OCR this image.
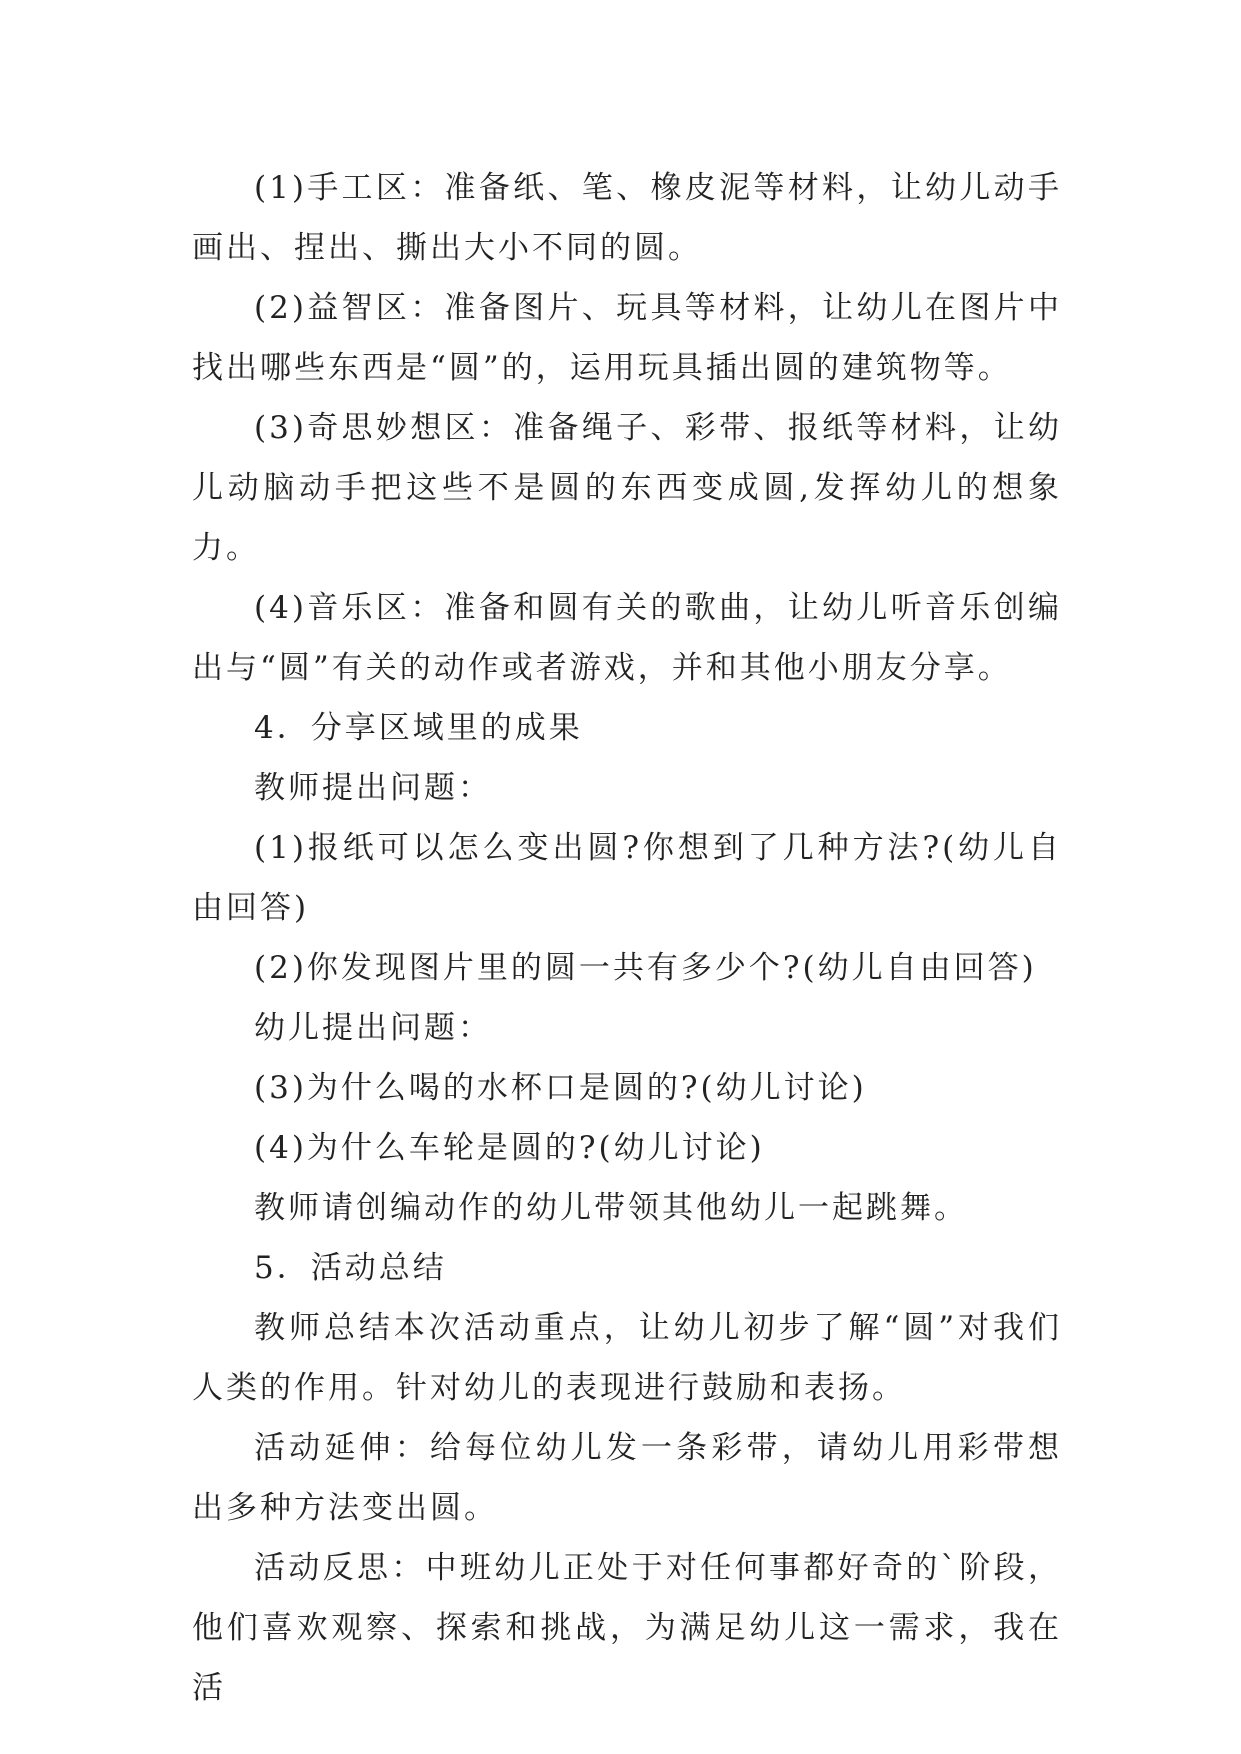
(1)手工区：准备纸、笔、橡皮泥等材料，让幼儿动手画出、捏出、撕出大小不同的圆。

(2)益智区：准备图片、玩具等材料，让幼儿在图片中找出哪些东西是“圆”的，运用玩具插出圆的建筑物等。

(3)奇思妙想区：准备绳子、彩带、报纸等材料，让幼儿动脑动手把这些不是圆的东西变成圆,发挥幼儿的想象力。

(4)音乐区：准备和圆有关的歌曲，让幼儿听音乐创编出与“圆”有关的动作或者游戏，并和其他小朋友分享。

4．分享区域里的成果

教师提出问题：

(1)报纸可以怎么变出圆?你想到了几种方法?(幼儿自由回答)

(2)你发现图片里的圆一共有多少个?(幼儿自由回答)

幼儿提出问题：

(3)为什么喝的水杯口是圆的?(幼儿讨论)

(4)为什么车轮是圆的?(幼儿讨论)

教师请创编动作的幼儿带领其他幼儿一起跳舞。

5．活动总结

教师总结本次活动重点，让幼儿初步了解“圆”对我们人类的作用。针对幼儿的表现进行鼓励和表扬。

活动延伸：给每位幼儿发一条彩带，请幼儿用彩带想出多种方法变出圆。

活动反思：中班幼儿正处于对任何事都好奇的`阶段，他们喜欢观察、探索和挑战，为满足幼儿这一需求，我在活
